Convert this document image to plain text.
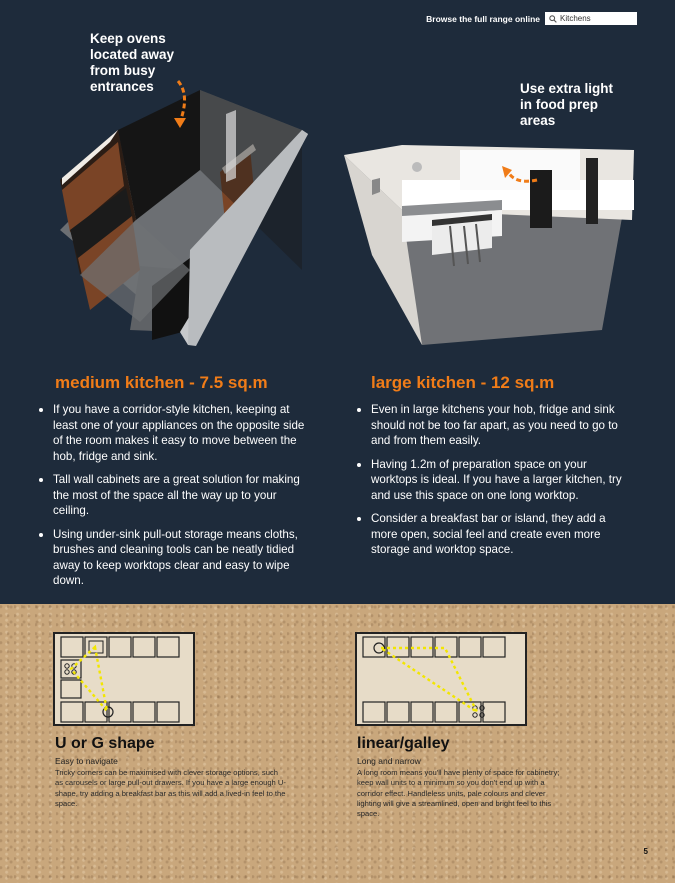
Browse the full range online
Kitchens
Keep ovens
located away
from busy
entrances	Use extra light
in food prep
areas
medium kitchen - 7.5 sq.m
If you have a corridor-style kitchen, keeping at least one of your appliances on the opposite side of the room makes it easy to move between the hob, fridge and sink.
Tall wall cabinets are a great solution for making the most of the space all the way up to your ceiling.
Using under-sink pull-out storage means cloths, brushes and cleaning tools can be neatly tidied away to keep worktops clear and easy to wipe down.
large kitchen - 12 sq.m
Even in large kitchens your hob, fridge and sink should not be too far apart, as you need to go to and from them easily.
Having 1.2m of preparation space on your worktops is ideal. If you have a larger kitchen, try and use this space on one long worktop.
Consider a breakfast bar or island, they add a more open, social feel and create even more storage and worktop space.
U or G shape
Easy to navigate
Tricky corners can be maximised with clever storage options, such as carousels or large pull-out drawers. If you have a large enough U-shape, try adding a breakfast bar as this will add a lived-in feel to the space.
linear/galley
Long and narrow
A long room means you'll have plenty of space for cabinetry; keep wall units to a minimum so you don't end up with a corridor effect. Handleless units, pale colours and clever lighting will give a streamlined, open and bright feel to this space.
5
